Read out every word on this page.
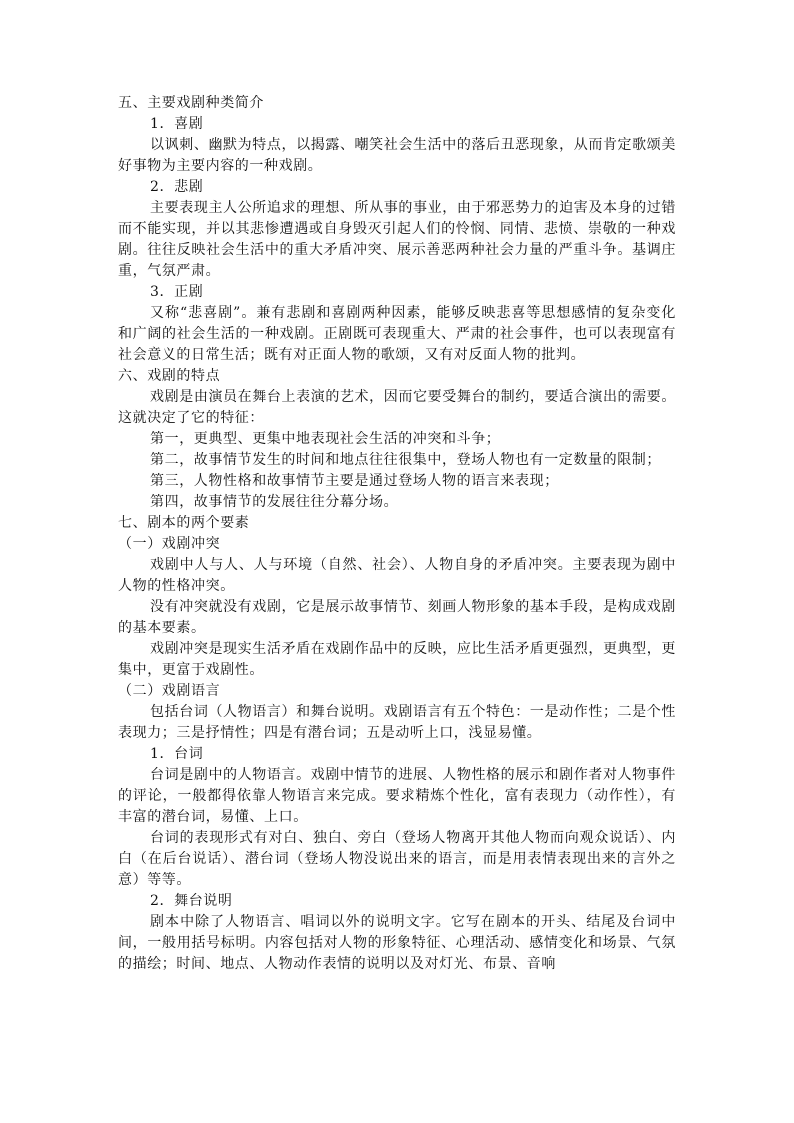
五、主要戏剧种类简介

1．喜剧

以讽刺、幽默为特点，以揭露、嘲笑社会生活中的落后丑恶现象，从而肯定歌颂美好事物为主要内容的一种戏剧。

2．悲剧

主要表现主人公所追求的理想、所从事的事业，由于邪恶势力的迫害及本身的过错而不能实现，并以其悲惨遭遇或自身毁灭引起人们的怜悯、同情、悲愤、崇敬的一种戏剧。往往反映社会生活中的重大矛盾冲突、展示善恶两种社会力量的严重斗争。基调庄重，气氛严肃。

3．正剧

又称“悲喜剧”。兼有悲剧和喜剧两种因素，能够反映悲喜等思想感情的复杂变化和广阔的社会生活的一种戏剧。正剧既可表现重大、严肃的社会事件，也可以表现富有社会意义的日常生活；既有对正面人物的歌颂，又有对反面人物的批判。

六、戏剧的特点

戏剧是由演员在舞台上表演的艺术，因而它要受舞台的制约，要适合演出的需要。这就决定了它的特征：

第一，更典型、更集中地表现社会生活的冲突和斗争；

第二，故事情节发生的时间和地点往往很集中，登场人物也有一定数量的限制；

第三，人物性格和故事情节主要是通过登场人物的语言来表现；

第四，故事情节的发展往往分幕分场。

七、剧本的两个要素

（一）戏剧冲突

戏剧中人与人、人与环境（自然、社会）、人物自身的矛盾冲突。主要表现为剧中人物的性格冲突。

没有冲突就没有戏剧，它是展示故事情节、刻画人物形象的基本手段，是构成戏剧的基本要素。

戏剧冲突是现实生活矛盾在戏剧作品中的反映，应比生活矛盾更强烈，更典型，更集中，更富于戏剧性。

（二）戏剧语言

包括台词（人物语言）和舞台说明。戏剧语言有五个特色：一是动作性；二是个性表现力；三是抒情性；四是有潜台词；五是动听上口，浅显易懂。

1．台词

台词是剧中的人物语言。戏剧中情节的进展、人物性格的展示和剧作者对人物事件的评论，一般都得依靠人物语言来完成。要求精炼个性化，富有表现力（动作性），有丰富的潜台词，易懂、上口。

台词的表现形式有对白、独白、旁白（登场人物离开其他人物而向观众说话）、内白（在后台说话）、潜台词（登场人物没说出来的语言，而是用表情表现出来的言外之意）等等。

2．舞台说明

剧本中除了人物语言、唱词以外的说明文字。它写在剧本的开头、结尾及台词中间，一般用括号标明。内容包括对人物的形象特征、心理活动、感情变化和场景、气氛的描绘；时间、地点、人物动作表情的说明以及对灯光、布景、音响
